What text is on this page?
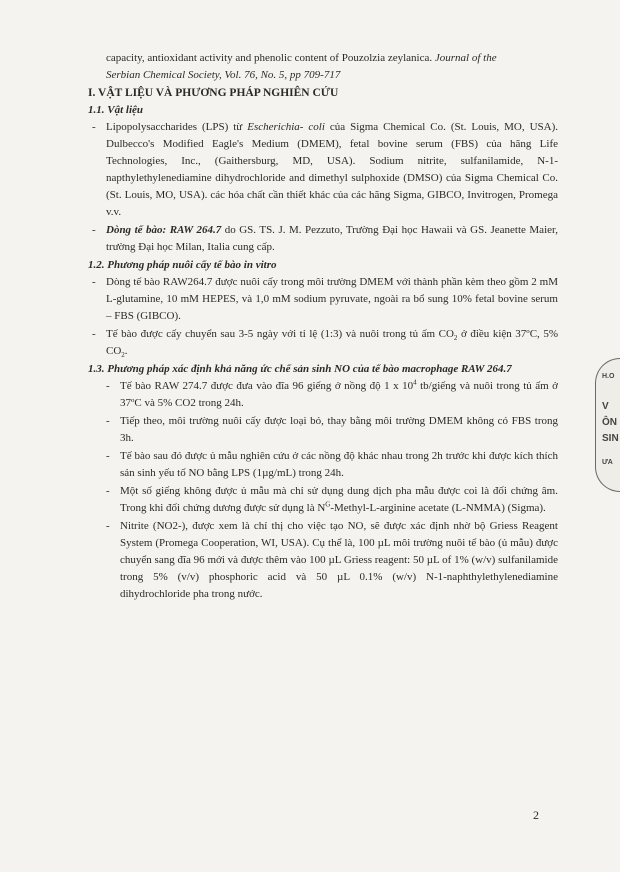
capacity, antioxidant activity and phenolic content of Pouzolzia zeylanica. Journal of the
Serbian Chemical Society, Vol. 76, No. 5, pp 709-717

I. VẬT LIỆU VÀ PHƯƠNG PHÁP NGHIÊN CỨU
1.1. Vật liệu

- Lipopolysaccharides (LPS) từ Escherichia- coli của Sigma Chemical Co. (St. Louis, MO, USA). Dulbecco's Modified Eagle's Medium (DMEM), fetal bovine serum (FBS) của hãng Life Technologies, Inc., (Gaithersburg, MD, USA). Sodium nitrite, sulfanilamide, N-1-napthylethylenediamine dihydrochloride and dimethyl sulphoxide (DMSO) của Sigma Chemical Co. (St. Louis, MO, USA). các hóa chất cần thiết khác của các hãng Sigma, GIBCO, Invitrogen, Promega v.v.

- Dòng tế bào: RAW 264.7 do GS. TS. J. M. Pezzuto, Trường Đại học Hawaii và GS. Jeanette Maier, trường Đại học Milan, Italia cung cấp.

1.2. Phương pháp nuôi cấy tế bào in vitro

- Dòng tế bào RAW264.7 được nuôi cấy trong môi trường DMEM với thành phần kèm theo gồm 2 mM L-glutamine, 10 mM HEPES, và 1,0 mM sodium pyruvate, ngoài ra bổ sung 10% fetal bovine serum – FBS (GIBCO).

- Tế bào được cấy chuyển sau 3-5 ngày với tỉ lệ (1:3) và nuôi trong tủ ấm $CO_2$ ở điều kiện 37ºC, 5% $CO_2$.

1.3. Phương pháp xác định khả năng ức chế sản sinh NO của tế bào macrophage RAW 264.7

- Tế bào RAW 274.7 được đưa vào đĩa 96 giếng ở nồng độ 1 x $10^4$ tb/giếng và nuôi trong tủ ấm ở 37ºC và 5% CO2 trong 24h.

- Tiếp theo, môi trường nuôi cấy được loại bỏ, thay bằng môi trường DMEM không có FBS trong 3h.

- Tế bào sau đó được ủ mẫu nghiên cứu ở các nồng độ khác nhau trong 2h trước khi được kích thích sản sinh yếu tố NO bằng LPS (1µg/mL) trong 24h.

- Một số giếng không được ủ mẫu mà chỉ sử dụng dung dịch pha mẫu được coi là đối chứng âm. Trong khi đối chứng dương được sử dụng là $N^G-Methyl-L$-arginine acetate (L-NMMA) (Sigma).

- Nitrite (NO2-), được xem là chỉ thị cho việc tạo NO, sẽ được xác định nhờ bộ Griess Reagent System (Promega Cooperation, WI, USA). Cụ thể là, 100 µL môi trường nuôi tế bào (ủ mẫu) được chuyển sang đĩa 96 mới và được thêm vào 100 µL Griess reagent: 50 µL of 1% (w/v) sulfanilamide trong 5% (v/v) phosphoric acid và 50 µL 0.1% (w/v) N-1-naphthylethylenediamine dihydrochloride pha trong nước.

2
H.O
V
ÔN
SIN
ƯA
